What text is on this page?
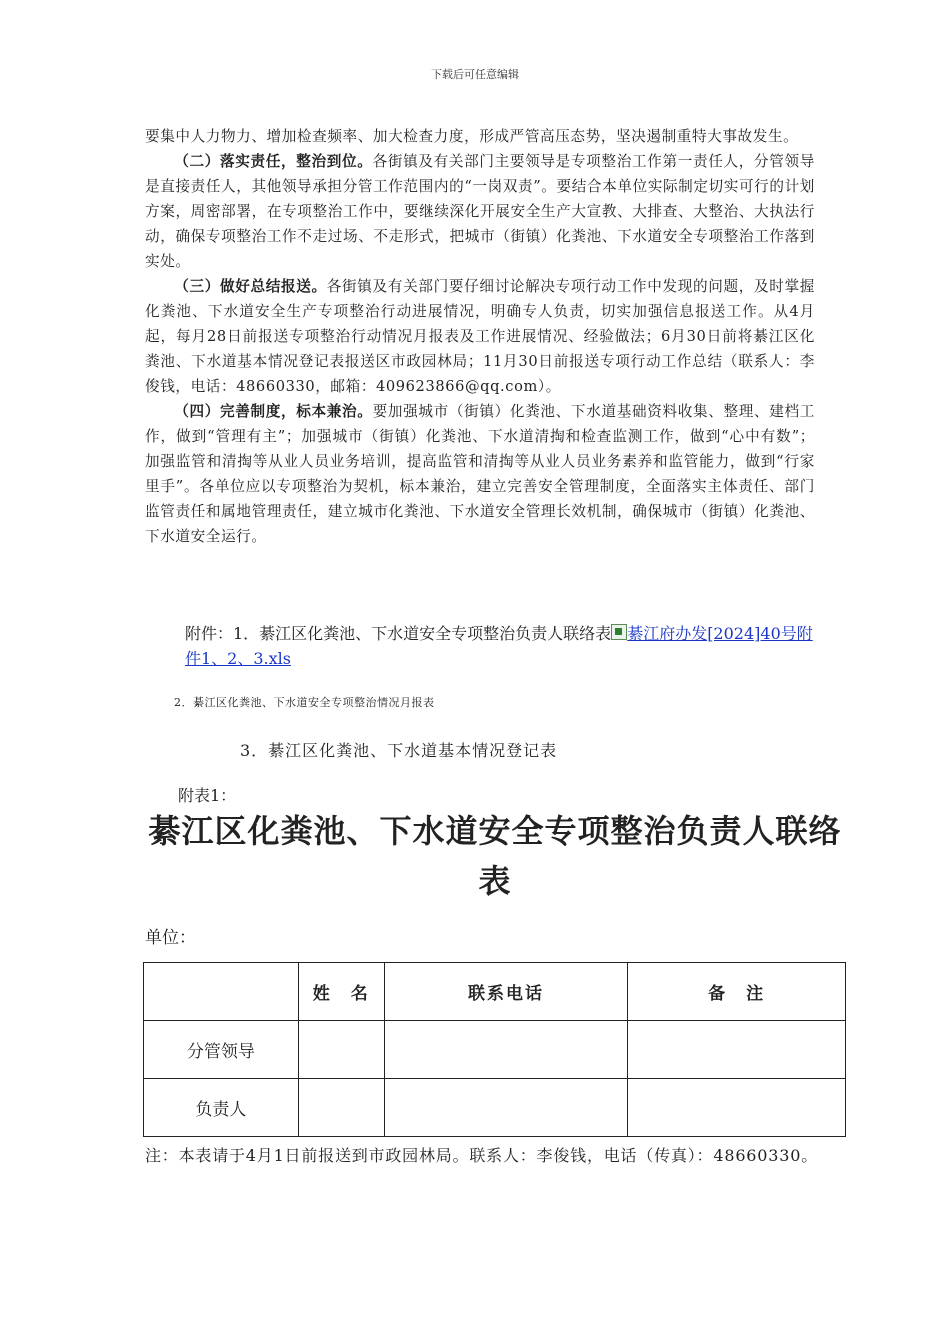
下载后可任意编辑

要集中人力物力、增加检查频率、加大检查力度，形成严管高压态势，坚决遏制重特大事故发生。

（二）落实责任，整治到位。各街镇及有关部门主要领导是专项整治工作第一责任人，分管领导是直接责任人，其他领导承担分管工作范围内的“一岗双责”。要结合本单位实际制定切实可行的计划方案，周密部署，在专项整治工作中，要继续深化开展安全生产大宣教、大排查、大整治、大执法行动，确保专项整治工作不走过场、不走形式，把城市（街镇）化粪池、下水道安全专项整治工作落到实处。

（三）做好总结报送。各街镇及有关部门要仔细讨论解决专项行动工作中发现的问题，及时掌握化粪池、下水道安全生产专项整治行动进展情况，明确专人负责，切实加强信息报送工作。从4月起，每月28日前报送专项整治行动情况月报表及工作进展情况、经验做法；6月30日前将綦江区化粪池、下水道基本情况登记表报送区市政园林局；11月30日前报送专项行动工作总结（联系人：李俊钱，电话：48660330，邮箱：409623866@qq.com）。

（四）完善制度，标本兼治。要加强城市（街镇）化粪池、下水道基础资料收集、整理、建档工作，做到“管理有主”；加强城市（街镇）化粪池、下水道清掏和检查监测工作，做到“心中有数”；加强监管和清掏等从业人员业务培训，提高监管和清掏等从业人员业务素养和监管能力，做到“行家里手”。各单位应以专项整治为契机，标本兼治，建立完善安全管理制度，全面落实主体责任、部门监管责任和属地管理责任，建立城市化粪池、下水道安全管理长效机制，确保城市（街镇）化粪池、下水道安全运行。

附件：1．綦江区化粪池、下水道安全专项整治负责人联络表 綦江府办发[2024]40号附件1、2、3.xls

2．綦江区化粪池、下水道安全专项整治情况月报表
3．綦江区化粪池、下水道基本情况登记表
附表1：
綦江区化粪池、下水道安全专项整治负责人联络表
单位：
	姓　名	联系电话	备　注
分管领导			
负责人			
注：本表请于4月1日前报送到市政园林局。联系人：李俊钱，电话（传真）：48660330。
